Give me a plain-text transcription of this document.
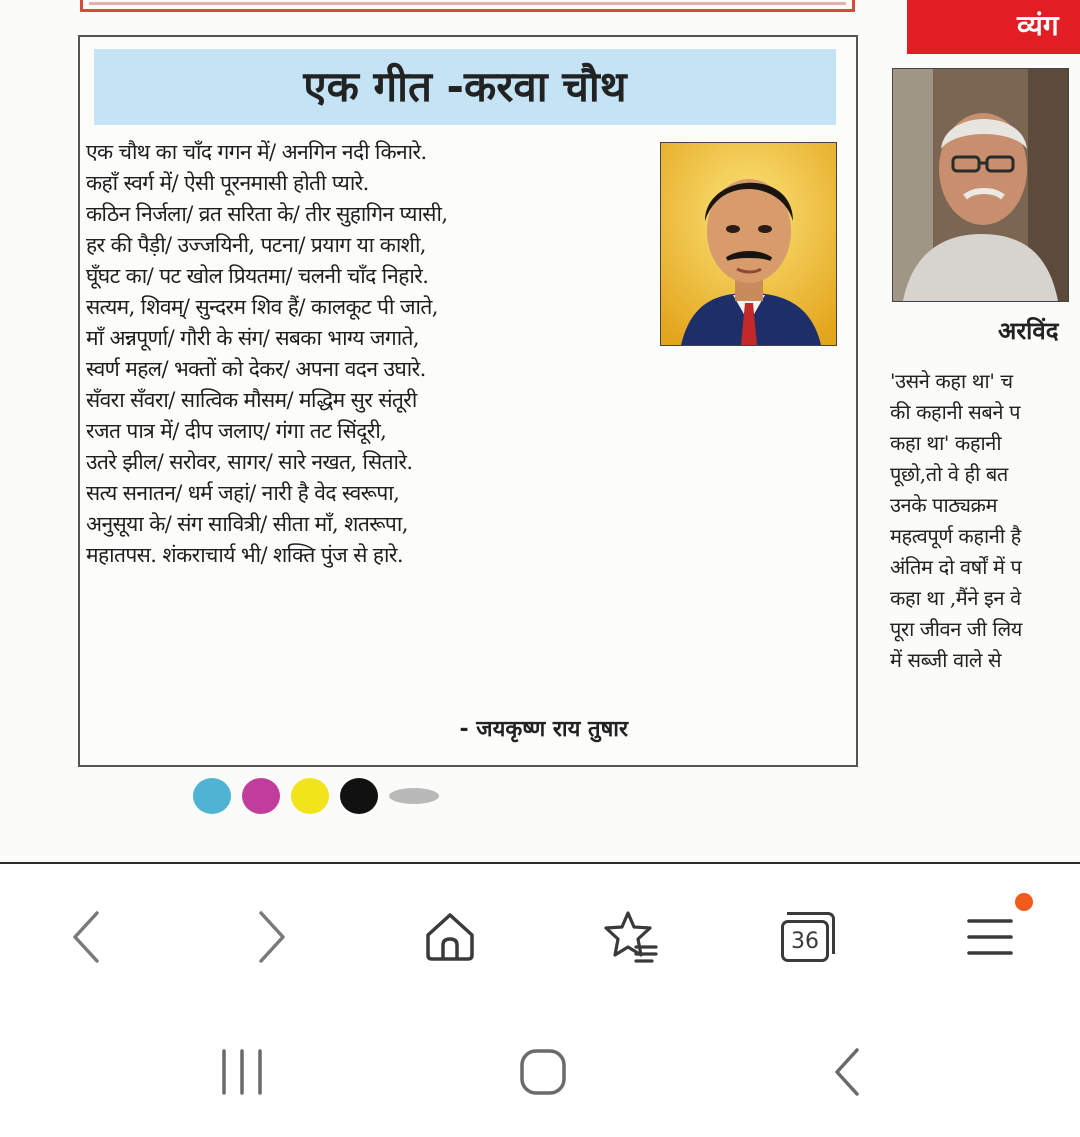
व्यंग
एक गीत -करवा चौथ
एक चौथ का चाँद गगन में/ अनगिन नदी किनारे.
कहाँ स्वर्ग में/ ऐसी पूरनमासी होती प्यारे.
कठिन निर्जला/ व्रत सरिता के/ तीर सुहागिन प्यासी,
हर की पैड़ी/ उज्जयिनी, पटना/ प्रयाग या काशी,
घूँघट का/ पट खोल प्रियतमा/ चलनी चाँद निहारे.
सत्यम, शिवम्/ सुन्दरम शिव हैं/ कालकूट पी जाते,
माँ अन्नपूर्णा/ गौरी के संग/ सबका भाग्य जगाते,
स्वर्ण महल/ भक्तों को देकर/ अपना वदन उघारे.
सँवरा सँवरा/ सात्विक मौसम/ मद्धिम सुर संतूरी
रजत पात्र में/ दीप जलाए/ गंगा तट सिंदूरी,
उतरे झील/ सरोवर, सागर/ सारे नखत, सितारे.
सत्य सनातन/ धर्म जहां/ नारी है वेद स्वरूपा,
अनुसूया के/ संग सावित्री/ सीता माँ, शतरूपा,
महातपस. शंकराचार्य भी/ शक्ति पुंज से हारे.
- जयकृष्ण राय तुषार
अरविंद
'उसने कहा था' च
की कहानी सबने प
कहा था' कहानी
पूछो,तो वे ही बत
उनके पाठ्यक्रम
महत्वपूर्ण कहानी है
अंतिम दो वर्षों में प
कहा था ,मैंने इन वे
पूरा जीवन जी लिय
में सब्जी वाले से
36
